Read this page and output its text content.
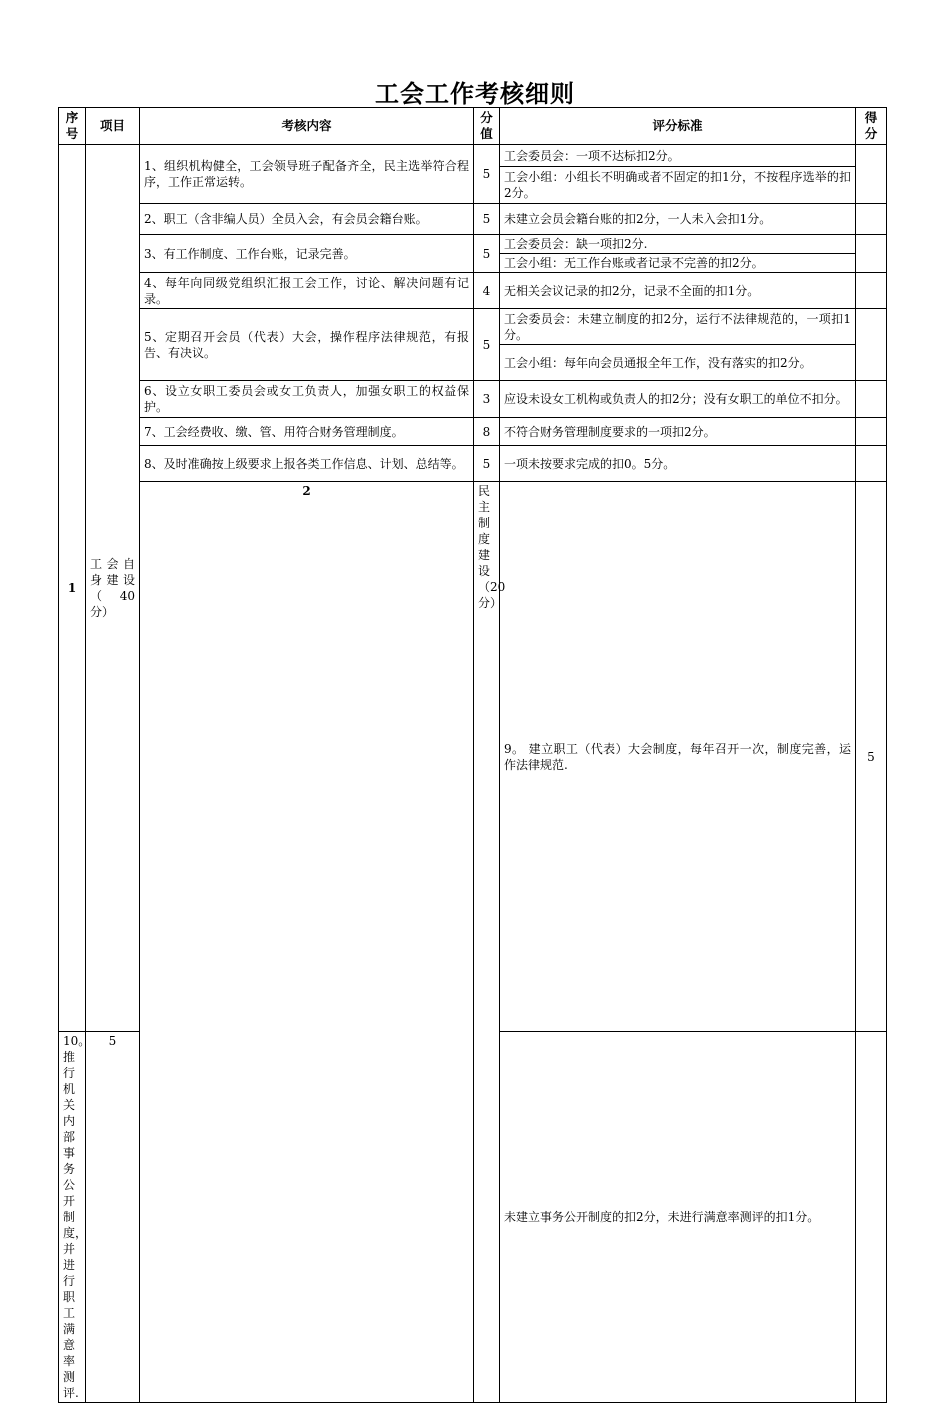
工会工作考核细则
序号	项目	考核内容	分值	评分标准	得分	
1	工会自身建设（ 40分）	1、组织机构健全，工会领导班子配备齐全，民主选举符合程序，工作正常运转。	5	工会委员会：一项不达标扣2分。		
				工会小组：小组长不明确或者不固定的扣1分，不按程序选举的扣2分。		
		2、职工（含非编人员）全员入会，有会员会籍台账。	5	未建立会员会籍台账的扣2分，一人未入会扣1分。		
		3、有工作制度、工作台账，记录完善。	5	工会委员会：缺一项扣2分.		
				工会小组：无工作台账或者记录不完善的扣2分。		
		4、每年向同级党组织汇报工会工作，讨论、解决问题有记录。	4	无相关会议记录的扣2分，记录不全面的扣1分。		
		5、定期召开会员（代表）大会，操作程序法律规范，有报告、有决议。	5	工会委员会：未建立制度的扣2分，运行不法律规范的，一项扣1分。		
				工会小组：每年向会员通报全年工作，没有落实的扣2分。		
		6、设立女职工委员会或女工负责人，加强女职工的权益保护。	3	应设未设女工机构或负责人的扣2分；没有女职工的单位不扣分。		
		7、工会经费收、缴、管、用符合财务管理制度。	8	不符合财务管理制度要求的一项扣2分。		
		8、及时准确按上级要求上报各类工作信息、计划、总结等。	5	一项未按要求完成的扣0。5分。		
		2	民主制度建设（20分）	9。 建立职工（代表）大会制度，每年召开一次，制度完善，运作法律规范.	5		

10。推行机关内部事务公开制度，并进行职工满意率测评.	5			未建立事务公开制度的扣2分，未进行满意率测评的扣1分。		
